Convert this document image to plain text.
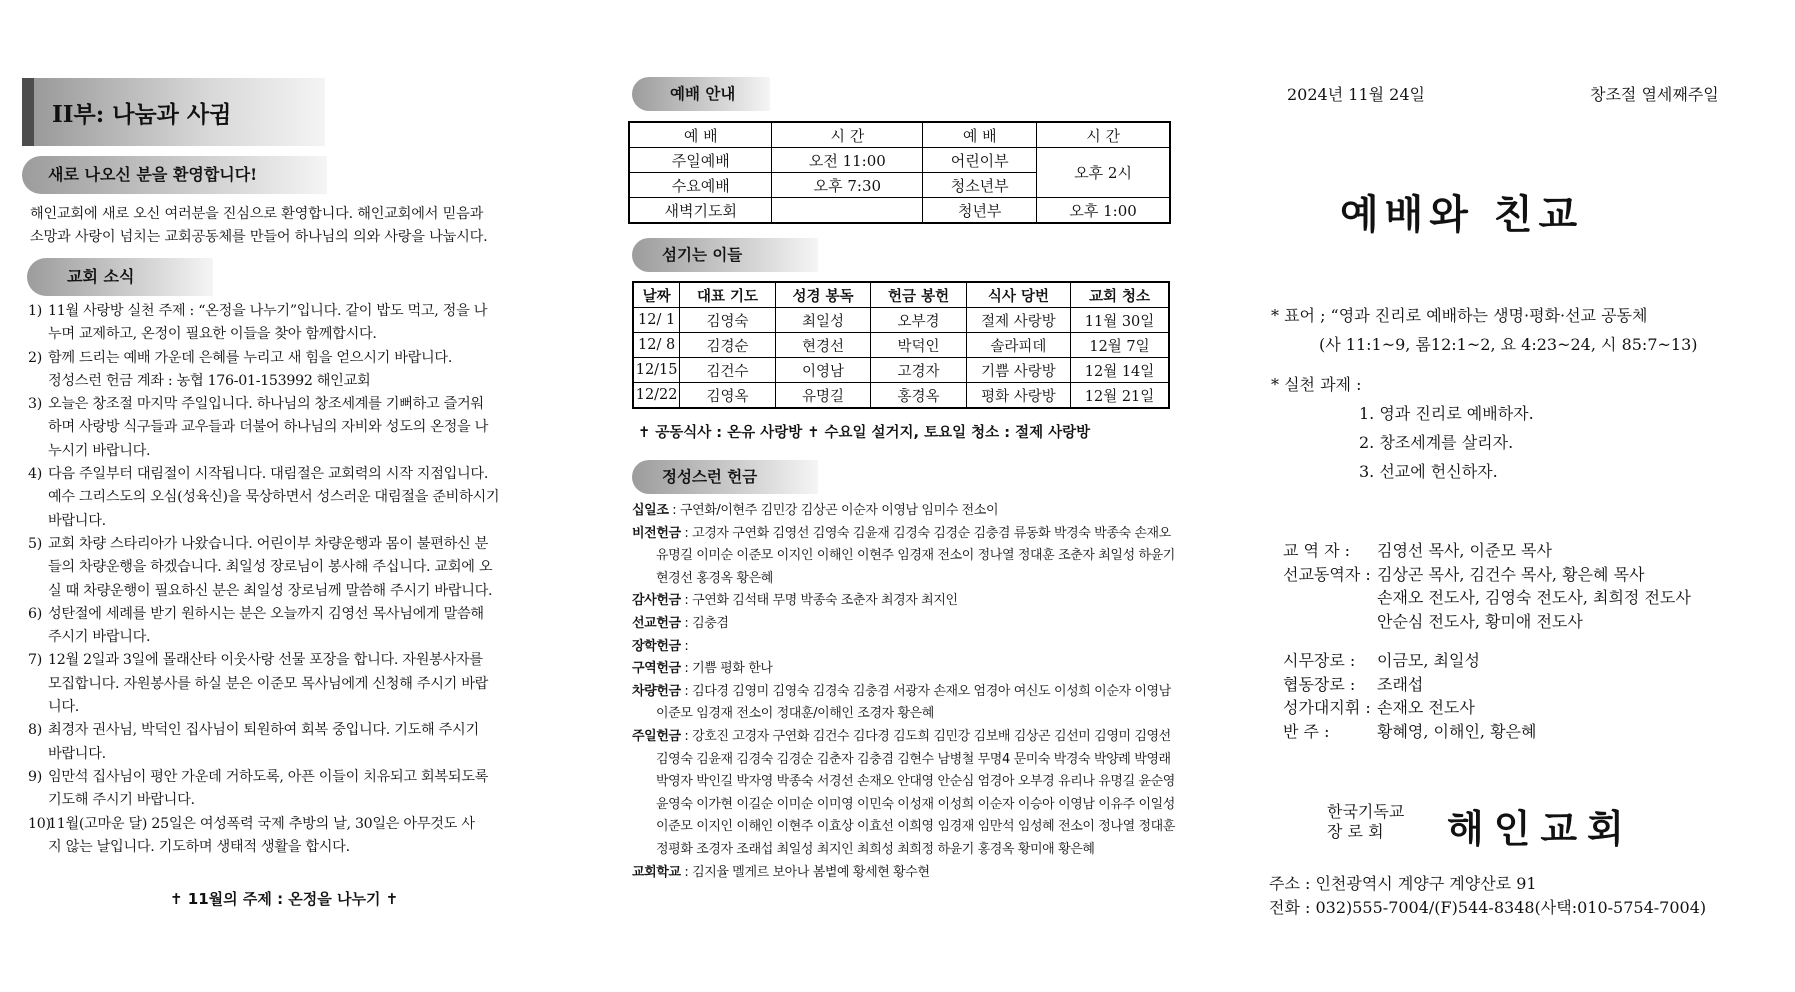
II부: 나눔과 사귐
새로 나오신 분을 환영합니다!
해인교회에 새로 오신 여러분을 진심으로 환영합니다. 해인교회에서 믿음과
소망과 사랑이 넘치는 교회공동체를 만들어 하나님의 의와 사랑을 나눕시다.
교회 소식
1) 11월 사랑방 실천 주제 : “온정을 나누기”입니다. 같이 밥도 먹고, 정을 나
누며 교제하고, 온정이 필요한 이들을 찾아 함께합시다.
2) 함께 드리는 예배 가운데 은혜를 누리고 새 힘을 얻으시기 바랍니다.
정성스런 헌금 계좌 : 농협 176-01-153992 해인교회
3) 오늘은 창조절 마지막 주일입니다. 하나님의 창조세계를 기뻐하고 즐거워
하며 사랑방 식구들과 교우들과 더불어 하나님의 자비와 성도의 온정을 나
누시기 바랍니다.
4) 다음 주일부터 대림절이 시작됩니다. 대림절은 교회력의 시작 지점입니다.
예수 그리스도의 오심(성육신)을 묵상하면서 성스러운 대림절을 준비하시기
바랍니다.
5) 교회 차량 스타리아가 나왔습니다. 어린이부 차량운행과 몸이 불편하신 분
들의 차량운행을 하겠습니다. 최일성 장로님이 봉사해 주십니다. 교회에 오
실 때 차량운행이 필요하신 분은 최일성 장로님께 말씀해 주시기 바랍니다.
6) 성탄절에 세례를 받기 원하시는 분은 오늘까지 김영선 목사님에게 말씀해
주시기 바랍니다.
7) 12월 2일과 3일에 몰래산타 이웃사랑 선물 포장을 합니다. 자원봉사자를
모집합니다. 자원봉사를 하실 분은 이준모 목사님에게 신청해 주시기 바랍
니다.
8) 최경자 권사님, 박덕인 집사님이 퇴원하여 회복 중입니다. 기도해 주시기
바랍니다.
9) 임만석 집사님이 평안 가운데 거하도록, 아픈 이들이 치유되고 회복되도록
기도해 주시기 바랍니다.
10)
11월(고마운 달) 25일은 여성폭력 국제 추방의 날, 30일은 아무것도 사
지 않는 날입니다. 기도하며 생태적 생활을 합시다.
✝ 11월의 주제 : 온정을 나누기 ✝
예배 안내
예 배	시 간	예 배	시 간
주일예배	오전 11:00	어린이부	오후 2시
수요예배	오후 7:30	청소년부	
새벽기도회		청년부	오후 1:00
섬기는 이들
날짜	대표 기도	성경 봉독	헌금 봉헌	식사 당번	교회 청소
12/ 1	김영숙	최일성	오부경	절제 사랑방	11월 30일
12/ 8	김경순	현경선	박덕인	솔라피데	12월 7일
12/15	김건수	이영남	고경자	기쁨 사랑방	12월 14일
12/22	김영옥	유명길	홍경옥	평화 사랑방	12월 21일
✝ 공동식사 : 온유 사랑방 ✝ 수요일 설거지, 토요일 청소 : 절제 사랑방
정성스런 헌금
십일조 : 구연화/이현주 김민강 김상곤 이순자 이영남 임미수 전소이
비전헌금 : 고경자 구연화 김영선 김영숙 김윤재 김경숙 김경순 김충겸 류동화 박경숙 박종숙 손재오 유명길 이미순 이준모 이지인 이해인 이현주 임경재 전소이 정나열 정대훈 조춘자 최일성 하윤기 현경선 홍경옥 황은혜
감사헌금 : 구연화 김석태 무명 박종숙 조춘자 최경자 최지인
선교헌금 : 김충겸
장학헌금 :
구역헌금 : 기쁨 평화 한나
차량헌금 : 김다경 김영미 김영숙 김경숙 김충겸 서광자 손재오 엄경아 여신도 이성희 이순자 이영남 이준모 임경재 전소이 정대훈/이해인 조경자 황은혜
주일헌금 : 강호진 고경자 구연화 김건수 김다경 김도희 김민강 김보배 김상곤 김선미 김영미 김영선 김영숙 김윤재 김경숙 김경순 김춘자 김충겸 김현수 남병철 무명4 문미숙 박경숙 박양례 박영래 박영자 박인길 박자영 박종숙 서경선 손재오 안대영 안순심 엄경아 오부경 유리나 유명길 윤순영 윤영숙 이가현 이길순 이미순 이미영 이민숙 이성재 이성희 이순자 이승아 이영남 이유주 이일성 이준모 이지인 이해인 이현주 이효상 이효선 이희영 임경재 임만석 임성혜 전소이 정나열 정대훈 정평화 조경자 조래섭 최일성 최지인 최희성 최희정 하윤기 홍경옥 황미애 황은혜
교회학교 : 김지율 멜게르 보아나 봄볕예 황세현 황수현
2024년 11월 24일	창조절 열세째주일
예배와 친교
* 표어 ; “영과 진리로 예배하는 생명·평화·선교 공동체
(사 11:1~9, 롬12:1~2, 요 4:23~24, 시 85:7~13)
* 실천 과제 :
1. 영과 진리로 예배하자.
2. 창조세계를 살리자.
3. 선교에 헌신하자.
교 역 자 : 김영선 목사, 이준모 목사
선교동역자 : 김상곤 목사, 김건수 목사, 황은혜 목사
손재오 전도사, 김영숙 전도사, 최희정 전도사
안순심 전도사, 황미애 전도사
시무장로 : 이금모, 최일성
협동장로 : 조래섭
성가대지휘 : 손재오 전도사
반 주 :	황혜영, 이해인, 황은혜
한국기독교
장 로 회	해인교회
주소 : 인천광역시 계양구 계양산로 91
전화 : 032)555-7004/(F)544-8348(사택:010-5754-7004)
